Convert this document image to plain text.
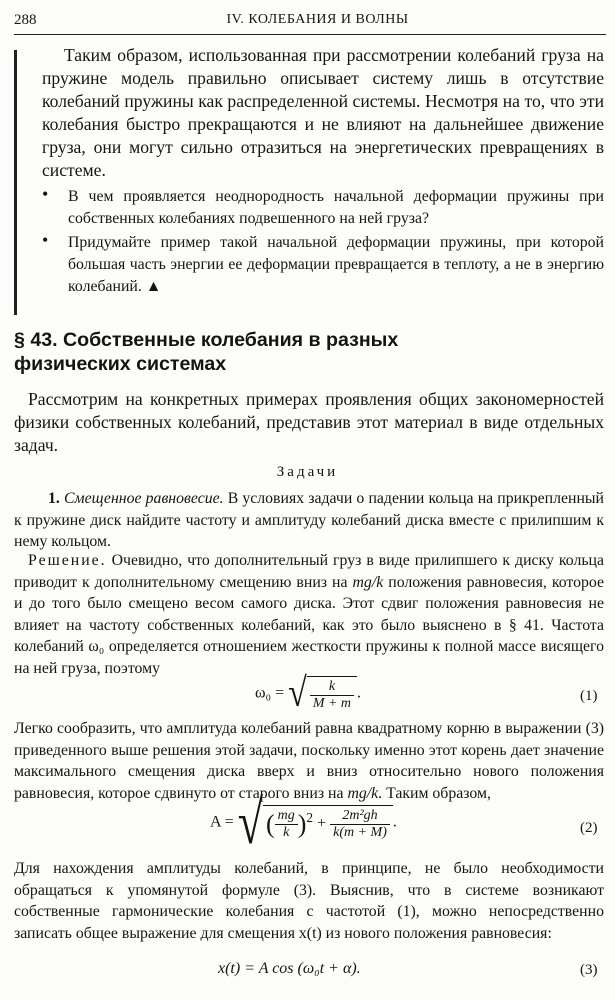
288	IV. КОЛЕБАНИЯ И ВОЛНЫ
Таким образом, использованная при рассмотрении колебаний груза на пружине модель правильно описывает систему лишь в отсутствие колебаний пружины как распределенной системы. Несмотря на то, что эти колебания быстро прекращаются и не влияют на дальнейшее движение груза, они могут сильно отразиться на энергетических превращениях в системе.
• В чем проявляется неоднородность начальной деформации пружины при собственных колебаниях подвешенного на ней груза?
• Придумайте пример такой начальной деформации пружины, при которой большая часть энергии ее деформации превращается в теплоту, а не в энергию колебаний. ▲
§ 43. Собственные колебания в разных
физических системах
Рассмотрим на конкретных примерах проявления общих закономерностей физики собственных колебаний, представив этот материал в виде отдельных задач.
Задачи
1. Смещенное равновесие. В условиях задачи о падении кольца на прикрепленный к пружине диск найдите частоту и амплитуду колебаний диска вместе с прилипшим к нему кольцом.
Решение. Очевидно, что дополнительный груз в виде прилипшего к диску кольца приводит к дополнительному смещению вниз на mg/k положения равновесия, которое и до того было смещено весом самого диска. Этот сдвиг положения равновесия не влияет на частоту собственных колебаний, как это было выяснено в § 41. Частота колебаний ω₀ определяется отношением жесткости пружины к полной массе висящего на ней груза, поэтому
ω₀ = √ $\frac{k}{M + m}$ .	(1)
Легко сообразить, что амплитуда колебаний равна квадратному корню в выражении (3) приведенного выше решения этой задачи, поскольку именно этот корень дает значение максимального смещения диска вверх и вниз относительно нового положения равновесия, которое сдвинуто от старого вниз на mg/k. Таким образом,
A = √ ( $\frac{mg}{k} )^2 + \frac{\text{2m²gh}}{k(m + M)}$ .	(2)
Для нахождения амплитуды колебаний, в принципе, не было необходимости обращаться к упомянутой формуле (3). Выяснив, что в системе возникают собственные гармонические колебания с частотой (1), можно непосредственно записать общее выражение для смещения x(t) из нового положения равновесия:
x(t) = A cos (ω₀t + α).	(3)
